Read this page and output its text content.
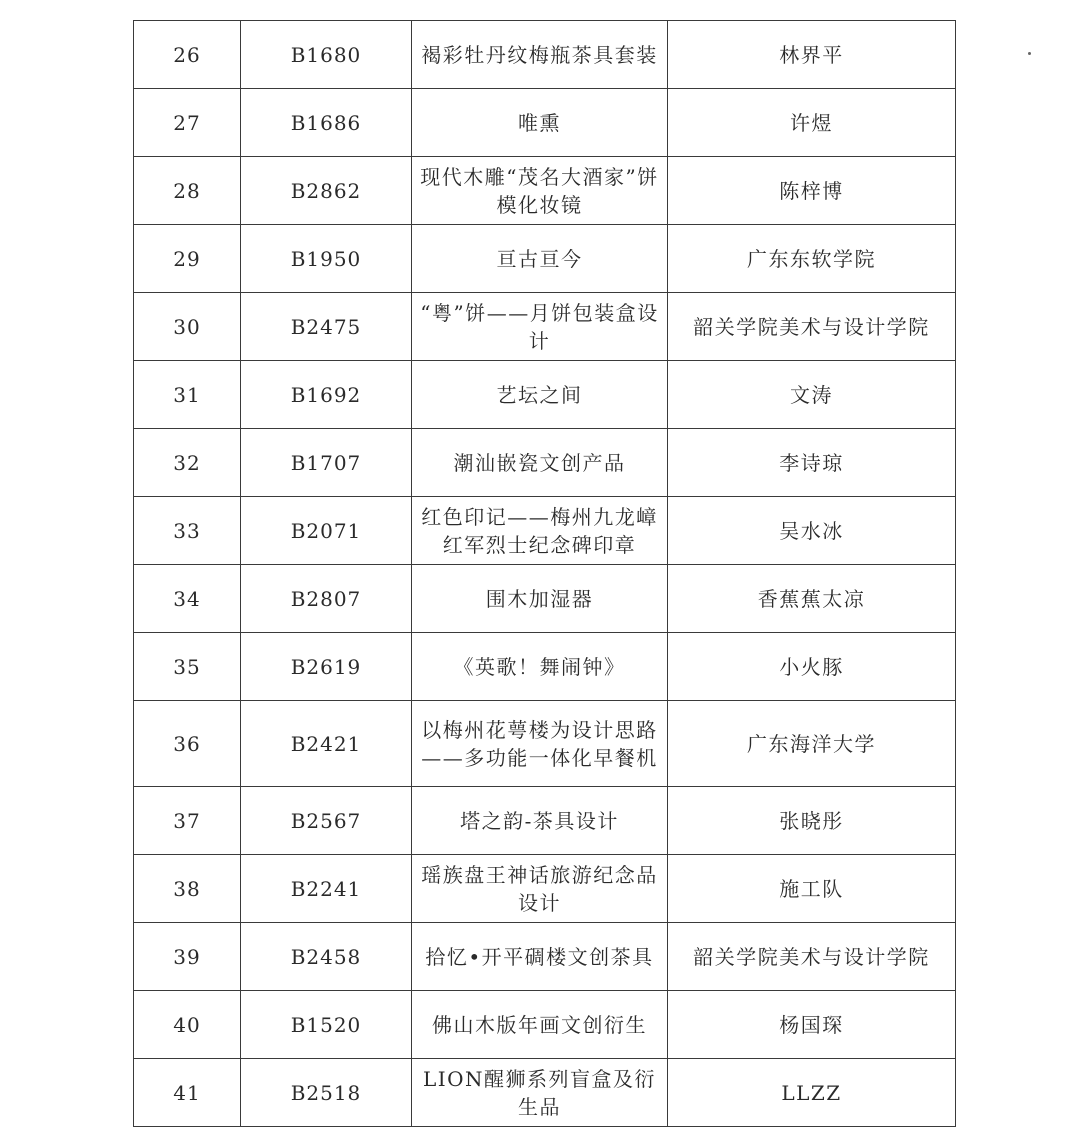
26	B1680	褐彩牡丹纹梅瓶茶具套装	林界平
27	B1686	唯熏	许煜
28	B2862	现代木雕“茂名大酒家”饼模化妆镜	陈梓博
29	B1950	亘古亘今	广东东软学院
30	B2475	“粤”饼——月饼包装盒设计	韶关学院美术与设计学院
31	B1692	艺坛之间	文涛
32	B1707	潮汕嵌瓷文创产品	李诗琼
33	B2071	红色印记——梅州九龙嶂红军烈士纪念碑印章	吴水冰
34	B2807	围木加湿器	香蕉蕉太凉
35	B2619	《英歌！舞闹钟》	小火豚
36	B2421	以梅州花萼楼为设计思路——多功能一体化早餐机	广东海洋大学
37	B2567	塔之韵-茶具设计	张晓彤
38	B2241	瑶族盘王神话旅游纪念品设计	施工队
39	B2458	拾忆•开平碉楼文创茶具	韶关学院美术与设计学院
40	B1520	佛山木版年画文创衍生	杨国琛
41	B2518	LION醒狮系列盲盒及衍生品	LLZZ
